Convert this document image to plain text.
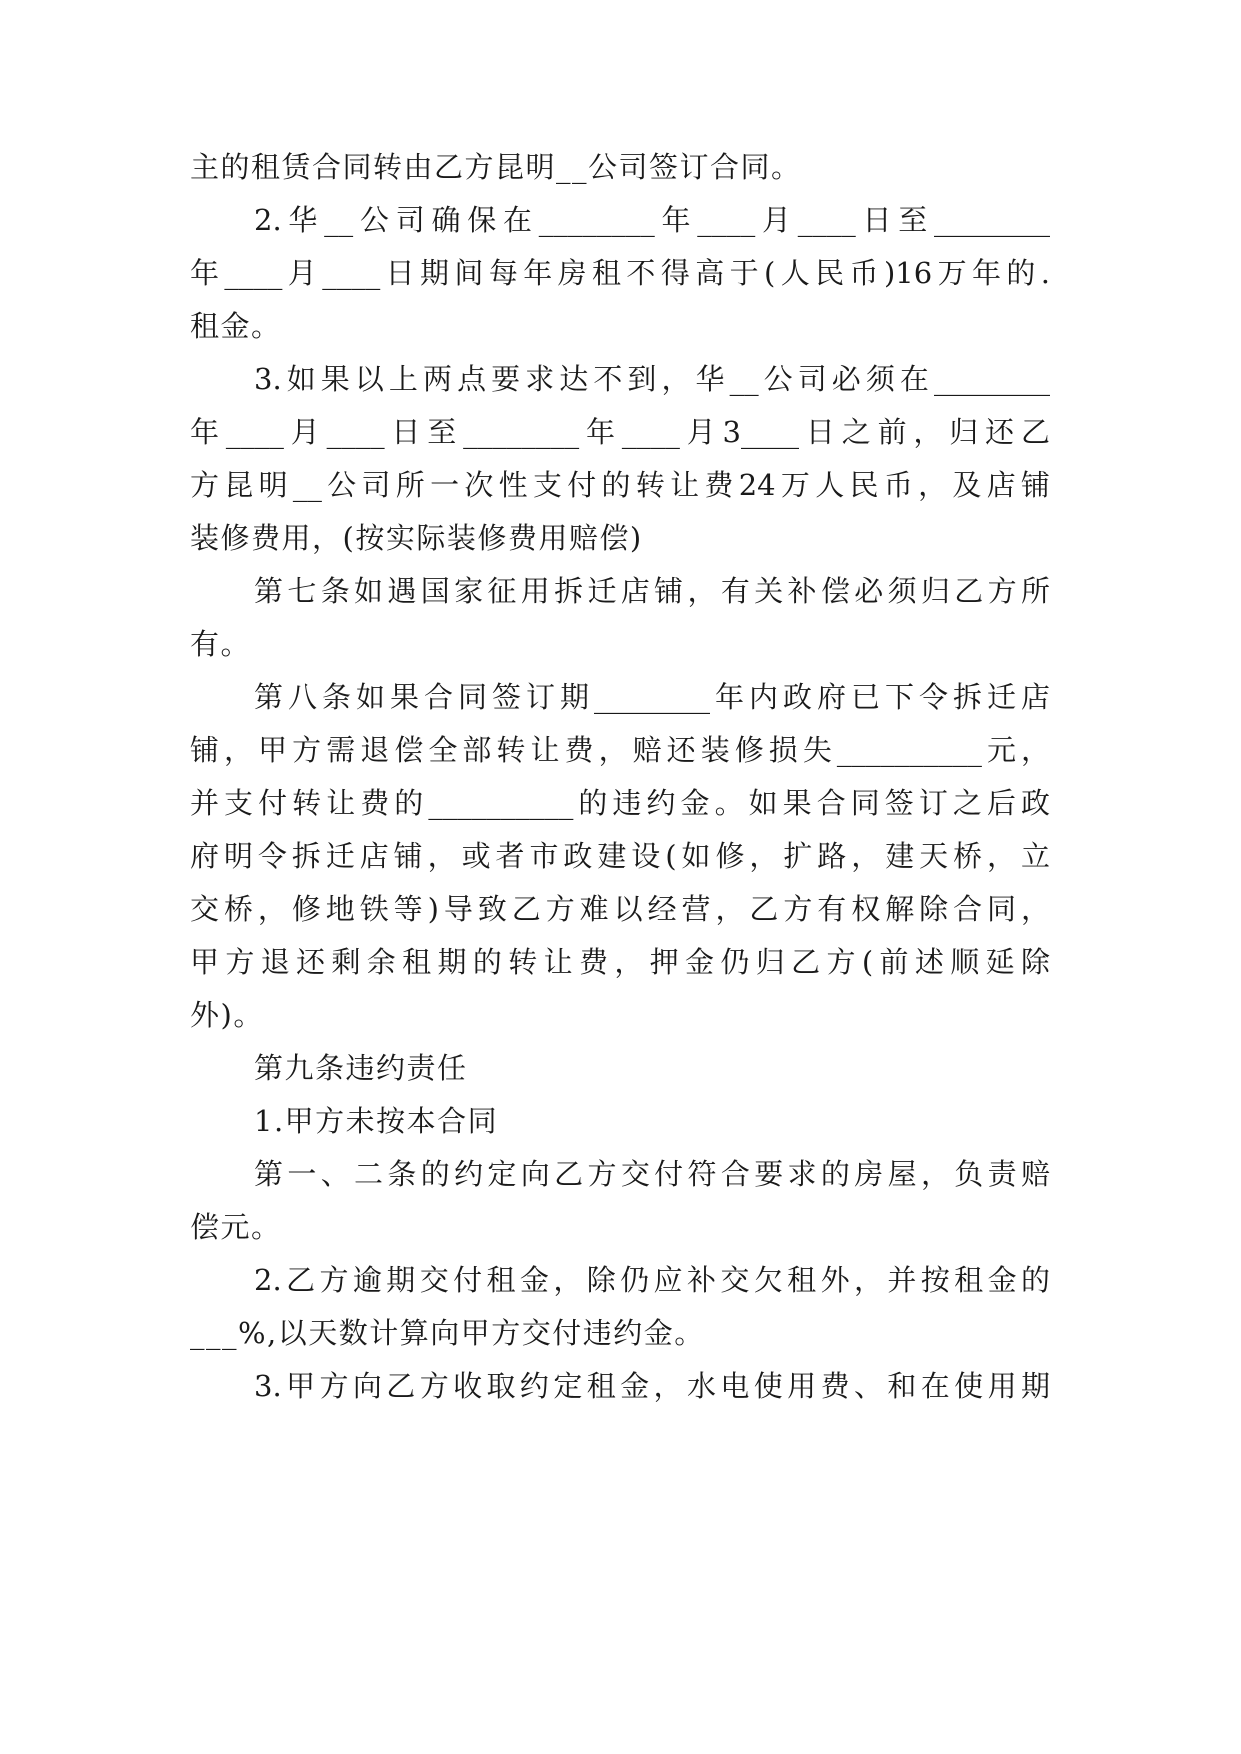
主的租赁合同转由乙方昆明__公司签订合同。
2.华__公司确保在________年____月____日至________
年____月____日期间每年房租不得高于(人民币)16万年的.
租金。
3.如果以上两点要求达不到，华__公司必须在________
年____月____日至________年____月3____日之前，归还乙
方昆明__公司所一次性支付的转让费24万人民币，及店铺
装修费用，(按实际装修费用赔偿)
第七条如遇国家征用拆迁店铺，有关补偿必须归乙方所
有。
第八条如果合同签订期________年内政府已下令拆迁店
铺，甲方需退偿全部转让费，赔还装修损失__________元，
并支付转让费的__________的违约金。如果合同签订之后政
府明令拆迁店铺，或者市政建设(如修，扩路，建天桥，立
交桥，修地铁等)导致乙方难以经营，乙方有权解除合同，
甲方退还剩余租期的转让费，押金仍归乙方(前述顺延除
外)。
第九条违约责任
1.甲方未按本合同
第一、二条的约定向乙方交付符合要求的房屋，负责赔
偿元。
2.乙方逾期交付租金，除仍应补交欠租外，并按租金的
___%,以天数计算向甲方交付违约金。
3.甲方向乙方收取约定租金，水电使用费、和在使用期
